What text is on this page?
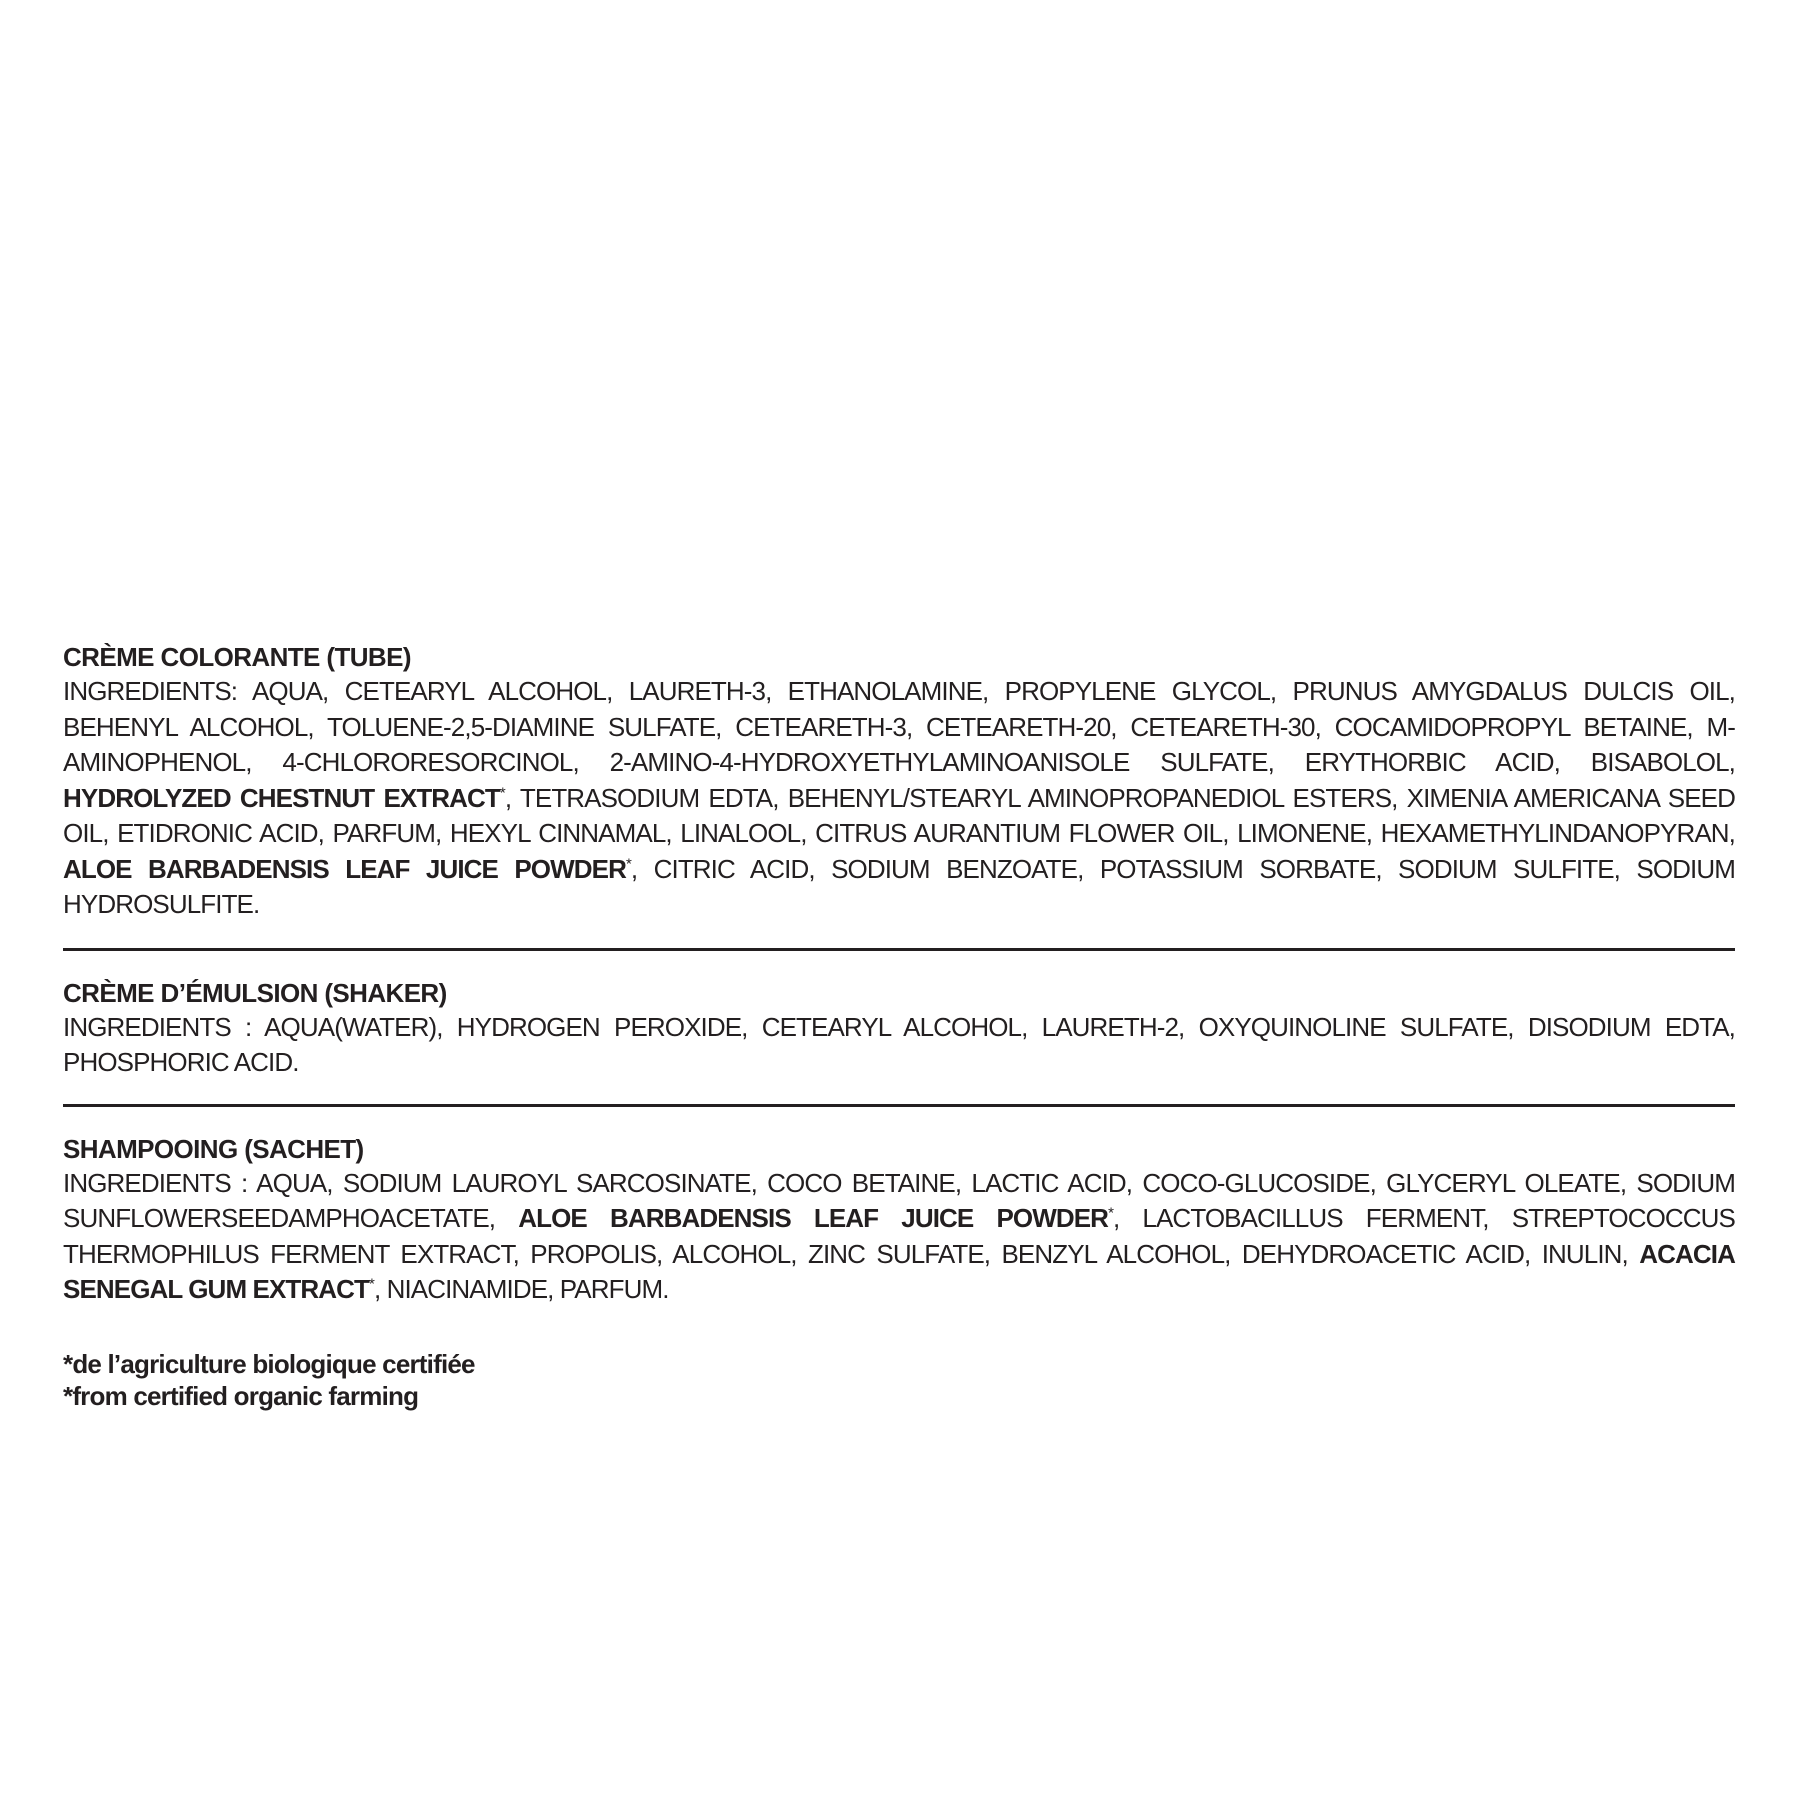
CRÈME COLORANTE (TUBE)

INGREDIENTS: AQUA, CETEARYL ALCOHOL, LAURETH-3, ETHANOLAMINE, PROPYLENE GLYCOL, PRUNUS AMYGDALUS DULCIS OIL, BEHENYL ALCOHOL, TOLUENE-2,5-DIAMINE SULFATE, CETEARETH-3, CETEARETH-20, CETEARETH-30, COCAMIDOPROPYL BETAINE, M-AMINOPHENOL, 4-CHLORORESORCINOL, 2-AMINO-4-HYDROXYETHYLAMINOANISOLE SULFATE, ERYTHORBIC ACID, BISABOLOL, HYDROLYZED CHESTNUT EXTRACT*, TETRASODIUM EDTA, BEHENYL/STEARYL AMINOPROPANEDIOL ESTERS, XIMENIA AMERICANA SEED OIL, ETIDRONIC ACID, PARFUM, HEXYL CINNAMAL, LINALOOL, CITRUS AURANTIUM FLOWER OIL, LIMONENE, HEXAMETHYLINDANOPYRAN, ALOE BARBADENSIS LEAF JUICE POWDER*, CITRIC ACID, SODIUM BENZOATE, POTASSIUM SORBATE, SODIUM SULFITE, SODIUM HYDROSULFITE.

CRÈME D’ÉMULSION (SHAKER)

INGREDIENTS : AQUA(WATER), HYDROGEN PEROXIDE, CETEARYL ALCOHOL, LAURETH-2, OXYQUINOLINE SULFATE, DISODIUM EDTA, PHOSPHORIC ACID.

SHAMPOOING (SACHET)

INGREDIENTS : AQUA, SODIUM LAUROYL SARCOSINATE, COCO BETAINE, LACTIC ACID, COCO-GLUCOSIDE, GLYCERYL OLEATE, SODIUM SUNFLOWERSEEDAMPHOACETATE, ALOE BARBADENSIS LEAF JUICE POWDER*, LACTOBACILLUS FERMENT, STREPTOCOCCUS THERMOPHILUS FERMENT EXTRACT, PROPOLIS, ALCOHOL, ZINC SULFATE, BENZYL ALCOHOL, DEHYDROACETIC ACID, INULIN, ACACIA SENEGAL GUM EXTRACT*, NIACINAMIDE, PARFUM.

*de l’agriculture biologique certifiée

*from certified organic farming
